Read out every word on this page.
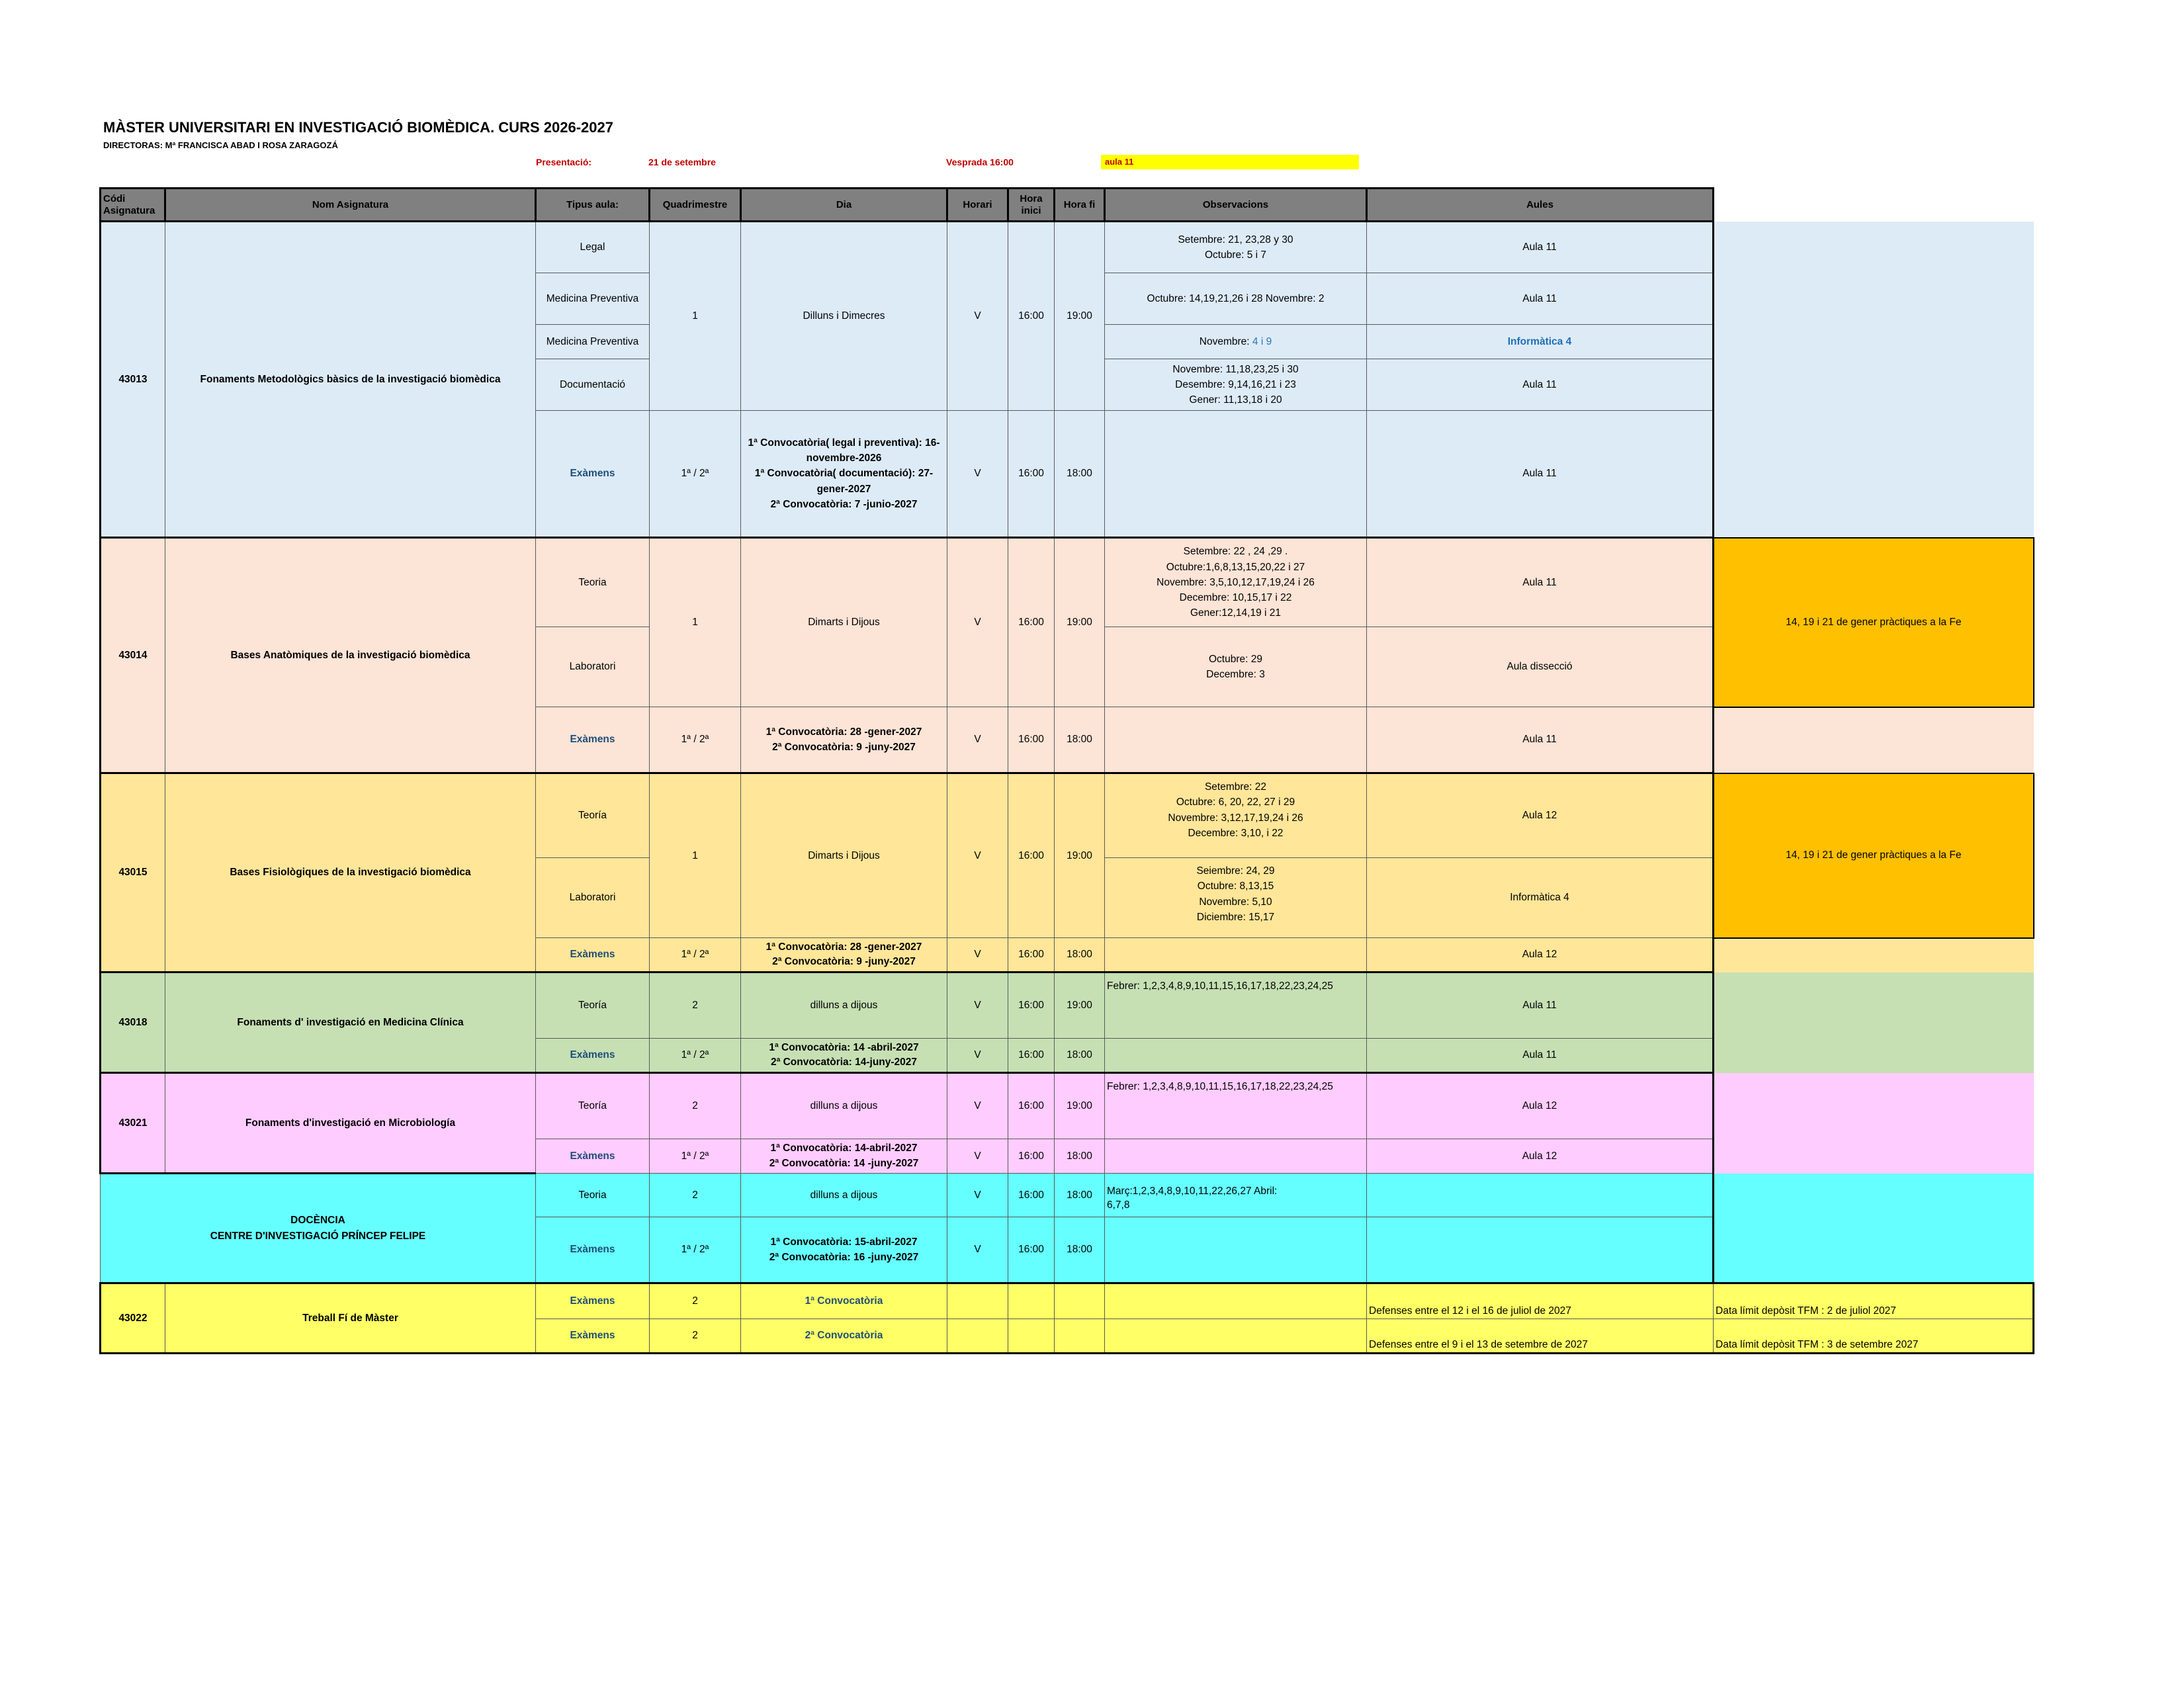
MÀSTER UNIVERSITARI EN INVESTIGACIÓ BIOMÈDICA. CURS 2026-2027
DIRECTORAS: Mª FRANCISCA ABAD I ROSA ZARAGOZÁ
Presentació:	21 de setembre	Vesprada 16:00	aula 11
Códi Asignatura	Nom Asignatura	Tipus aula:	Quadrimestre	Dia	Horari	Hora inici	Hora fi	Observacions	Aules	
43013	Fonaments Metodològics bàsics de la investigació biomèdica	Legal	1	Dilluns i Dimecres	V	16:00	19:00	Setembre: 21, 23,28 y 30
Octubre: 5 i 7	Aula 11	
		Medicina Preventiva						Octubre: 14,19,21,26 i 28 Novembre: 2	Aula 11	
		Medicina Preventiva						Novembre: 4 i 9	Informàtica 4	
		Documentació						Novembre: 11,18,23,25 i 30
Desembre: 9,14,16,21 i 23
Gener: 11,13,18 i 20	Aula 11	
		Exàmens	1ª / 2ª	1ª Convocatòria( legal i preventiva): 16-novembre-2026
1ª Convocatòria( documentació): 27-gener-2027
2ª Convocatòria: 7 -junio-2027	V	16:00	18:00		Aula 11	
43014	Bases Anatòmiques de la investigació biomèdica	Teoria	1	Dimarts i Dijous	V	16:00	19:00	Setembre: 22 , 24 ,29 .
Octubre:1,6,8,13,15,20,22 i 27
Novembre: 3,5,10,12,17,19,24 i 26
Decembre: 10,15,17 i 22
Gener:12,14,19 i 21	Aula 11	14, 19 i 21 de gener pràctiques a la Fe
		Laboratori						Octubre: 29
Decembre: 3	Aula dissecció	
		Exàmens	1ª / 2ª	1ª Convocatòria: 28 -gener-2027
2ª Convocatòria: 9 -juny-2027	V	16:00	18:00		Aula 11	
43015	Bases Fisiològiques de la investigació biomèdica	Teoría	1	Dimarts i Dijous	V	16:00	19:00	Setembre: 22
Octubre: 6, 20, 22, 27 i 29
Novembre: 3,12,17,19,24 i 26
Decembre: 3,10, i 22	Aula 12	14, 19 i 21 de gener pràctiques a la Fe
		Laboratori						Seiembre: 24, 29
Octubre: 8,13,15
Novembre: 5,10
Diciembre: 15,17	Informàtica 4	
		Exàmens	1ª / 2ª	1ª Convocatòria: 28 -gener-2027
2ª Convocatòria: 9 -juny-2027	V	16:00	18:00		Aula 12	
43018	Fonaments d' investigació en Medicina Clínica	Teoría	2	dilluns a dijous	V	16:00	19:00	Febrer: 1,2,3,4,8,9,10,11,15,16,17,18,22,23,24,25	Aula 11	
		Exàmens	1ª / 2ª	1ª Convocatòria: 14 -abril-2027
2ª Convocatòria: 14-juny-2027	V	16:00	18:00		Aula 11	
43021	Fonaments d'investigació en Microbiología	Teoría	2	dilluns a dijous	V	16:00	19:00	Febrer: 1,2,3,4,8,9,10,11,15,16,17,18,22,23,24,25	Aula 12	
		Exàmens	1ª / 2ª	1ª Convocatòria: 14-abril-2027
2ª Convocatòria: 14 -juny-2027	V	16:00	18:00		Aula 12	
DOCÈNCIA
CENTRE D'INVESTIGACIÓ PRÍNCEP FELIPE		Teoria	2	dilluns a dijous	V	16:00	18:00	Març:1,2,3,4,8,9,10,11,22,26,27 Abril:
6,7,8		
		Exàmens	1ª / 2ª	1ª Convocatòria: 15-abril-2027
2ª Convocatòria: 16 -juny-2027	V	16:00	18:00			
43022	Treball Fí de Màster	Exàmens	2	1ª Convocatòria					Defenses entre el 12 i el 16 de juliol de 2027	Data límit depòsit TFM : 2 de juliol 2027
		Exàmens	2	2ª Convocatòria					Defenses entre el 9 i el 13 de setembre de 2027	Data límit depòsit TFM : 3 de setembre 2027
